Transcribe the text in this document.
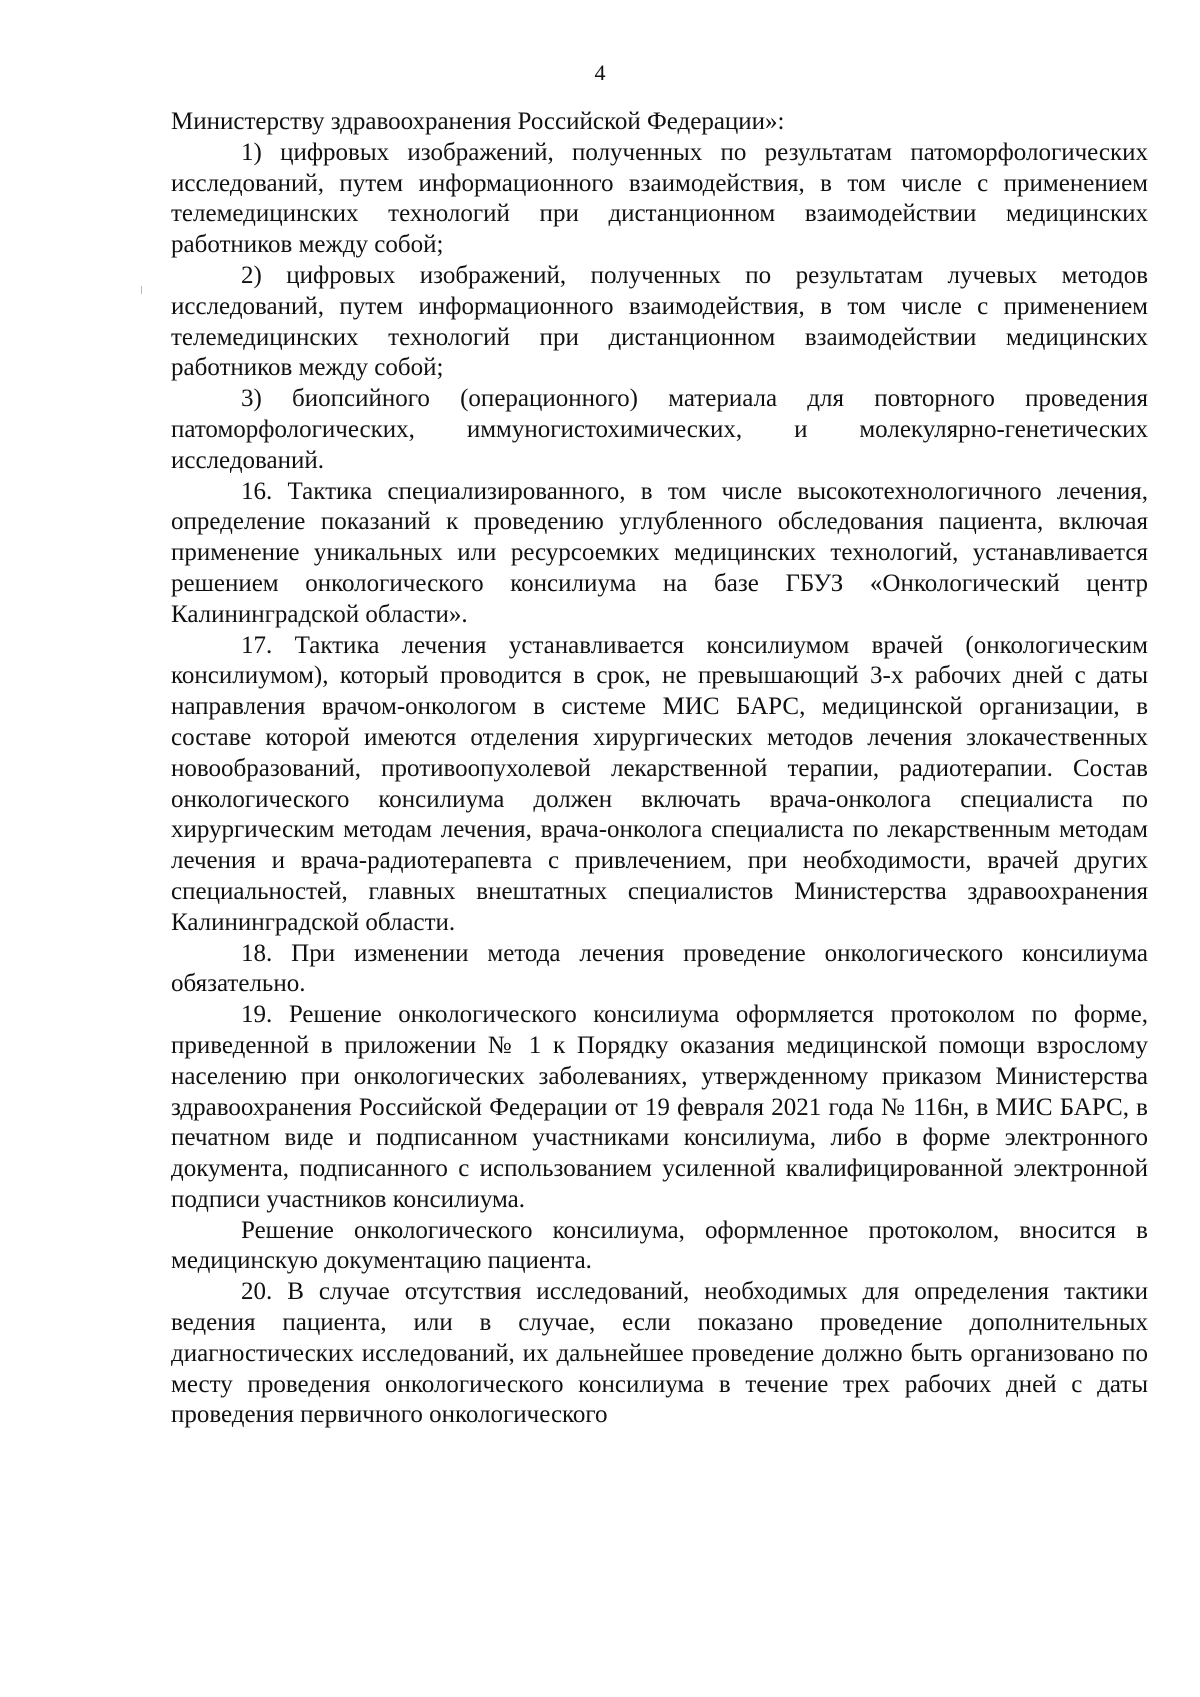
4

Министерству здравоохранения Российской Федерации»:

1) цифровых изображений, полученных по результатам патоморфологических исследований, путем информационного взаимодействия, в том числе с применением телемедицинских технологий при дистанционном взаимодействии медицинских работников между собой;

2) цифровых изображений, полученных по результатам лучевых методов исследований, путем информационного взаимодействия, в том числе с применением телемедицинских технологий при дистанционном взаимодействии медицинских работников между собой;

3) биопсийного (операционного) материала для повторного проведения патоморфологических, иммуногистохимических, и молекулярно-генетических исследований.

16. Тактика специализированного, в том числе высокотехнологичного лечения, определение показаний к проведению углубленного обследования пациента, включая применение уникальных или ресурсоемких медицинских технологий, устанавливается решением онкологического консилиума на базе ГБУЗ «Онкологический центр Калининградской области».

17. Тактика лечения устанавливается консилиумом врачей (онкологическим консилиумом), который проводится в срок, не превышающий 3-х рабочих дней с даты направления врачом-онкологом в системе МИС БАРС, медицинской организации, в составе которой имеются отделения хирургических методов лечения злокачественных новообразований, противоопухолевой лекарственной терапии, радиотерапии. Состав онкологического консилиума должен включать врача-онколога специалиста по хирургическим методам лечения, врача-онколога специалиста по лекарственным методам лечения и врача-радиотерапевта с привлечением, при необходимости, врачей других специальностей, главных внештатных специалистов Министерства здравоохранения Калининградской области.

18. При изменении метода лечения проведение онкологического консилиума обязательно.

19. Решение онкологического консилиума оформляется протоколом по форме, приведенной в приложении № 1 к Порядку оказания медицинской помощи взрослому населению при онкологических заболеваниях, утвержденному приказом Министерства здравоохранения Российской Федерации от 19 февраля 2021 года № 116н, в МИС БАРС, в печатном виде и подписанном участниками консилиума, либо в форме электронного документа, подписанного с использованием усиленной квалифицированной электронной подписи участников консилиума.

Решение онкологического консилиума, оформленное протоколом, вносится в медицинскую документацию пациента.

20. В случае отсутствия исследований, необходимых для определения тактики ведения пациента, или в случае, если показано проведение дополнительных диагностических исследований, их дальнейшее проведение должно быть организовано по месту проведения онкологического консилиума в течение трех рабочих дней с даты проведения первичного онкологического
